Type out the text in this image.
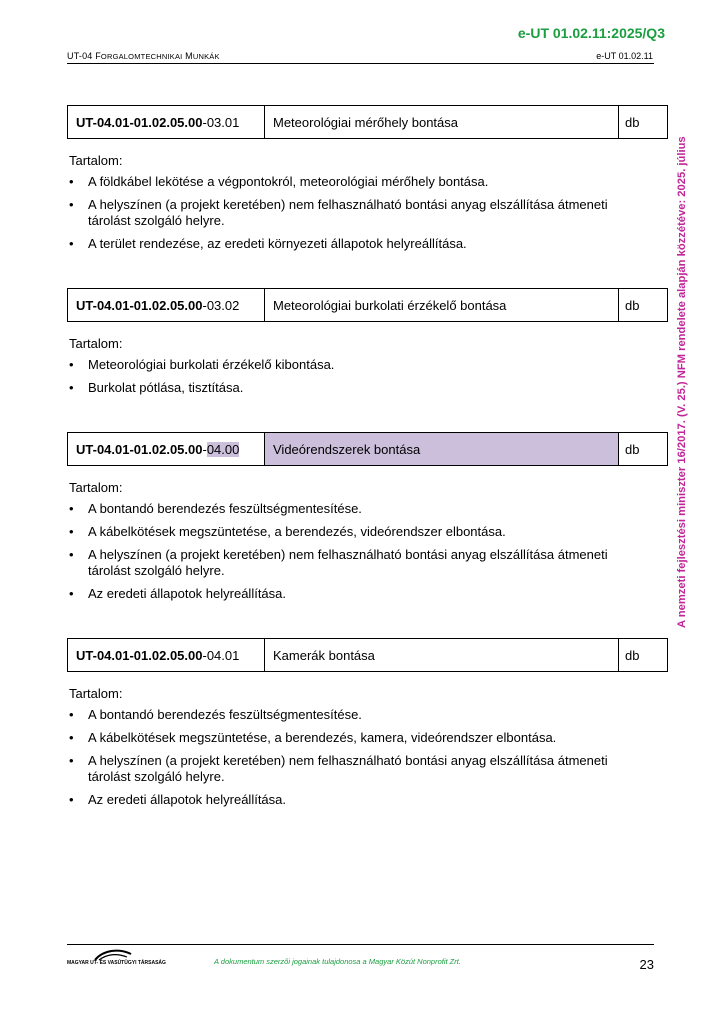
e-UT 01.02.11:2025/Q3
UT-04 FORGALOMTECHNIKAI MUNKÁK	e-UT 01.02.11
A nemzeti fejlesztési miniszter 16/2017. (V. 25.) NFM rendelete alapján közzétéve: 2025. július
UT-04.01-01.02.05.00 -03.01	Meteorológiai mérőhely bontása	db
Tartalom:
• A földkábel lekötése a végpontokról, meteorológiai mérőhely bontása.
• A helyszínen (a projekt keretében) nem felhasználható bontási anyag elszállítása átmeneti tárolást szolgáló helyre.
• A terület rendezése, az eredeti környezeti állapotok helyreállítása.
UT-04.01-01.02.05.00 -03.02	Meteorológiai burkolati érzékelő bontása	db
Tartalom:
• Meteorológiai burkolati érzékelő kibontása.
• Burkolat pótlása, tisztítása.
UT-04.01-01.02.05.00 - 04.00	Videórendszerek bontása	db
Tartalom:
• A bontandó berendezés feszültségmentesítése.
• A kábelkötések megszüntetése, a berendezés, videórendszer elbontása.
• A helyszínen (a projekt keretében) nem felhasználható bontási anyag elszállítása átmeneti tárolást szolgáló helyre.
• Az eredeti állapotok helyreállítása.
UT-04.01-01.02.05.00 -04.01	Kamerák bontása	db
Tartalom:
• A bontandó berendezés feszültségmentesítése.
• A kábelkötések megszüntetése, a berendezés, kamera, videórendszer elbontása.
• A helyszínen (a projekt keretében) nem felhasználható bontási anyag elszállítása átmeneti tárolást szolgáló helyre.
• Az eredeti állapotok helyreállítása.
MAGYAR UT- ÉS VASÚTÜGYI TÁRSASÁG	A dokumentum szerzői jogainak tulajdonosa a Magyar Közút Nonprofit Zrt.	23
